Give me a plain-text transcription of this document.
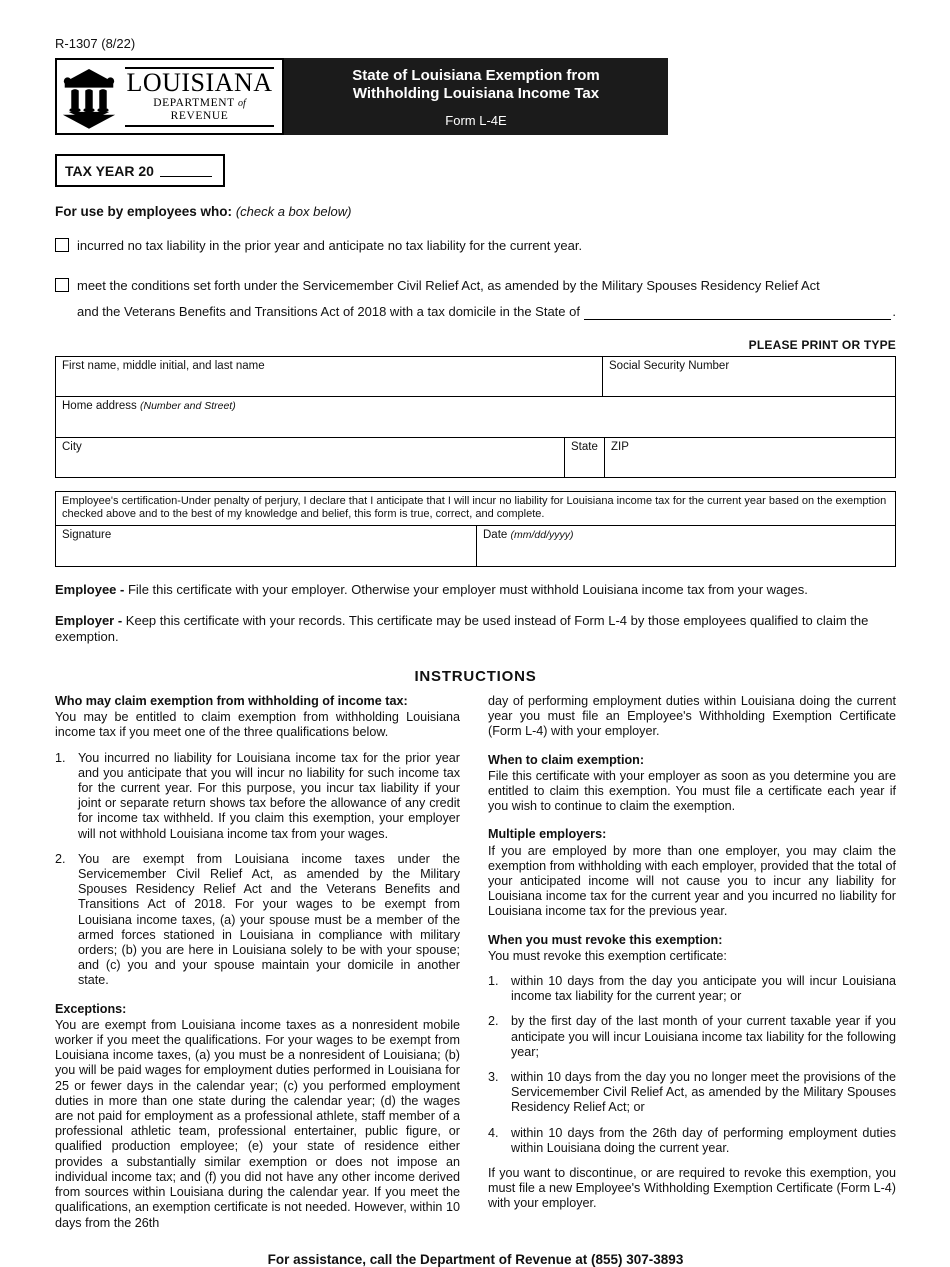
R-1307 (8/22)
LOUISIANA
DEPARTMENT of REVENUE
State of Louisiana Exemption from
Withholding Louisiana Income Tax
Form L-4E
TAX YEAR 20
For use by employees who: (check a box below)
incurred no tax liability in the prior year and anticipate no tax liability for the current year.
meet the conditions set forth under the Servicemember Civil Relief Act, as amended by the Military Spouses Residency Relief Act
and the Veterans Benefits and Transitions Act of 2018 with a tax domicile in the State of	.
PLEASE PRINT OR TYPE
First name, middle initial, and last name	Social Security Number
Home address (Number and Street)
City	State	ZIP
Employee's certification-Under penalty of perjury, I declare that I anticipate that I will incur no liability for Louisiana income tax for the current year based on the exemption checked above and to the best of my knowledge and belief, this form is true, correct, and complete.
Signature	Date (mm/dd/yyyy)
Employee - File this certificate with your employer. Otherwise your employer must withhold Louisiana income tax from your wages.
Employer - Keep this certificate with your records. This certificate may be used instead of Form L-4 by those employees qualified to claim the exemption.
INSTRUCTIONS
Who may claim exemption from withholding of income tax:

You may be entitled to claim exemption from withholding Louisiana income tax if you meet one of the three qualifications below.

1. You incurred no liability for Louisiana income tax for the prior year and you anticipate that you will incur no liability for such income tax for the current year. For this purpose, you incur tax liability if your joint or separate return shows tax before the allowance of any credit for income tax withheld. If you claim this exemption, your employer will not withhold Louisiana income tax from your wages.
2. You are exempt from Louisiana income taxes under the Servicemember Civil Relief Act, as amended by the Military Spouses Residency Relief Act and the Veterans Benefits and Transitions Act of 2018. For your wages to be exempt from Louisiana income taxes, (a) your spouse must be a member of the armed forces stationed in Louisiana in compliance with military orders; (b) you are here in Louisiana solely to be with your spouse; and (c) you and your spouse maintain your domicile in another state.
Exceptions:

You are exempt from Louisiana income taxes as a nonresident mobile worker if you meet the qualifications. For your wages to be exempt from Louisiana income taxes, (a) you must be a nonresident of Louisiana; (b) you will be paid wages for employment duties performed in Louisiana for 25 or fewer days in the calendar year; (c) you performed employment duties in more than one state during the calendar year; (d) the wages are not paid for employment as a professional athlete, staff member of a professional athletic team, professional entertainer, public figure, or qualified production employee; (e) your state of residence either provides a substantially similar exemption or does not impose an individual income tax; and (f) you did not have any other income derived from sources within Louisiana during the calendar year. If you meet the qualifications, an exemption certificate is not needed. However, within 10 days from the 26th

day of performing employment duties within Louisiana doing the current year you must file an Employee's Withholding Exemption Certificate (Form L-4) with your employer.

When to claim exemption:

File this certificate with your employer as soon as you determine you are entitled to claim this exemption. You must file a certificate each year if you wish to continue to claim the exemption.

Multiple employers:

If you are employed by more than one employer, you may claim the exemption from withholding with each employer, provided that the total of your anticipated income will not cause you to incur any liability for Louisiana income tax for the current year and you incurred no liability for Louisiana income tax for the previous year.

When you must revoke this exemption:

You must revoke this exemption certificate:

1. within 10 days from the day you anticipate you will incur Louisiana income tax liability for the current year; or
2. by the first day of the last month of your current taxable year if you anticipate you will incur Louisiana income tax liability for the following year;
3. within 10 days from the day you no longer meet the provisions of the Servicemember Civil Relief Act, as amended by the Military Spouses Residency Relief Act; or
4. within 10 days from the 26th day of performing employment duties within Louisiana doing the current year.

If you want to discontinue, or are required to revoke this exemption, you must file a new Employee's Withholding Exemption Certificate (Form L-4) with your employer.

For assistance, call the Department of Revenue at (855) 307-3893
